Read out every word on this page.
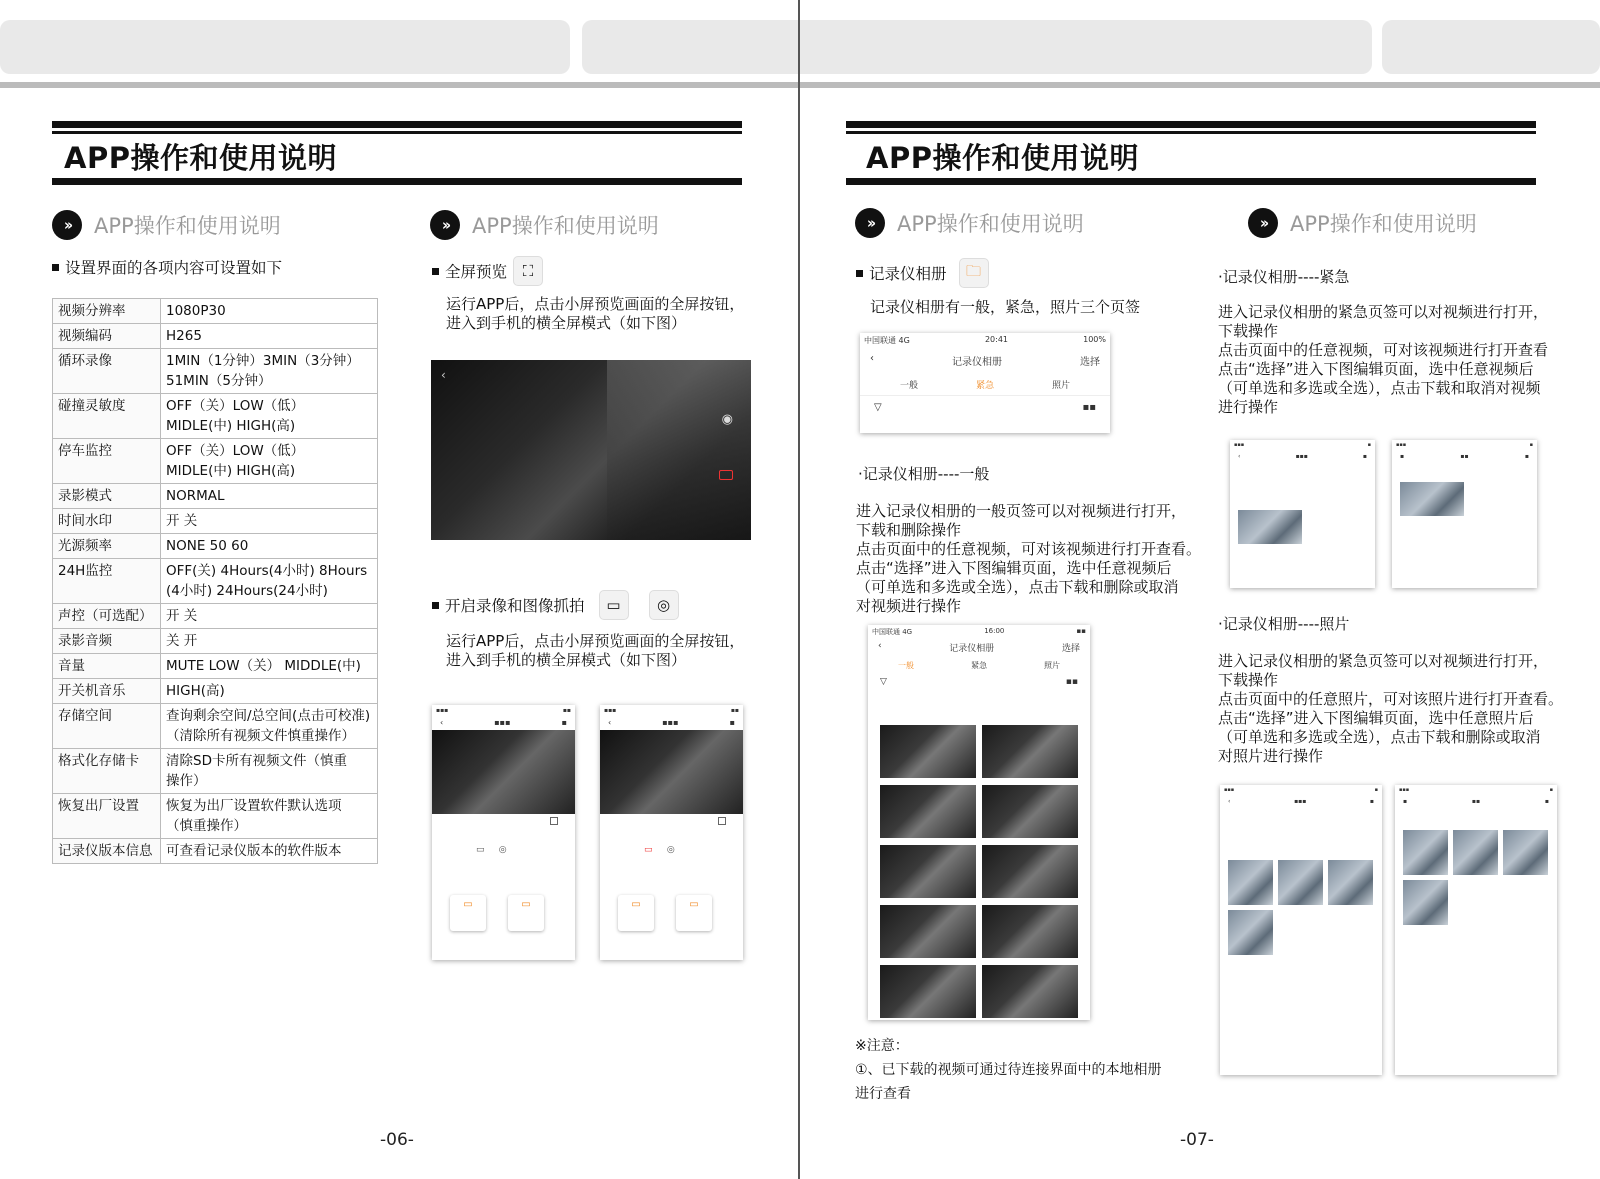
APP操作和使用说明
››	APP操作和使用说明	››	APP操作和使用说明
设置界面的各项内容可设置如下
视频分辨率	1080P30
视频编码	H265
循环录像	1MIN（1分钟）3MIN（3分钟）
51MIN（5分钟）
碰撞灵敏度	OFF（关）LOW（低）
MIDLE(中) HIGH(高)
停车监控	OFF（关）LOW（低）
MIDLE(中) HIGH(高)
录影模式	NORMAL
时间水印	开 关
光源频率	NONE 50 60
24H监控	OFF(关) 4Hours(4小时) 8Hours
(4小时) 24Hours(24小时)
声控（可选配）	开 关
录影音频	关 开
音量	MUTE LOW（关） MIDDLE(中)
开关机音乐	HIGH(高)
存储空间	查询剩余空间/总空间(点击可校准)
（清除所有视频文件慎重操作）
格式化存储卡	清除SD卡所有视频文件（慎重
操作）
恢复出厂设置	恢复为出厂设置软件默认选项
（慎重操作）
记录仪版本信息	可查看记录仪版本的软件版本
全屏预览	⛶
运行APP后，点击小屏预览画面的全屏按钮，
进入到手机的横全屏模式（如下图）
‹
◉
开启录像和图像抓拍	▭	◎
运行APP后，点击小屏预览画面的全屏按钮，
进入到手机的横全屏模式（如下图）
▪▪▪	▪▪
‹	▪▪▪	▪
▭     ◎
▭	▭
▪▪▪	▪▪
‹	▪▪▪	▪
▭     ◎
▭	▭
-06-
APP操作和使用说明
››	APP操作和使用说明	››	APP操作和使用说明
记录仪相册	🗀
记录仪相册有一般，紧急，照片三个页签
中国联通 4G	20:41	100%
‹	记录仪相册	选择
一般	紧急	照片
▽	▪▪
·记录仪相册----一般
进入记录仪相册的一般页签可以对视频进行打开，
下载和删除操作
点击页面中的任意视频，可对该视频进行打开查看。
点击“选择”进入下图编辑页面，选中任意视频后
（可单选和多选或全选），点击下载和删除或取消
对视频进行操作
中国联通 4G	16:00	▪▪
‹	记录仪相册	选择
一般	紧急	照片
▽	▪▪
※注意：
①、已下载的视频可通过待连接界面中的本地相册
进行查看
·记录仪相册----紧急
进入记录仪相册的紧急页签可以对视频进行打开，
下载操作
点击页面中的任意视频，可对该视频进行打开查看
点击“选择”进入下图编辑页面，选中任意视频后
（可单选和多选或全选），点击下载和取消对视频
进行操作
▪▪▪	▪
‹	▪▪▪	▪
▪▪▪	▪
▪	▪▪	▪
·记录仪相册----照片
进入记录仪相册的紧急页签可以对视频进行打开，
下载操作
点击页面中的任意照片，可对该照片进行打开查看。
点击“选择”进入下图编辑页面，选中任意照片后
（可单选和多选或全选），点击下载和删除或取消
对照片进行操作
▪▪▪	▪
‹	▪▪▪	▪
▪▪▪	▪
▪	▪▪	▪
-07-
